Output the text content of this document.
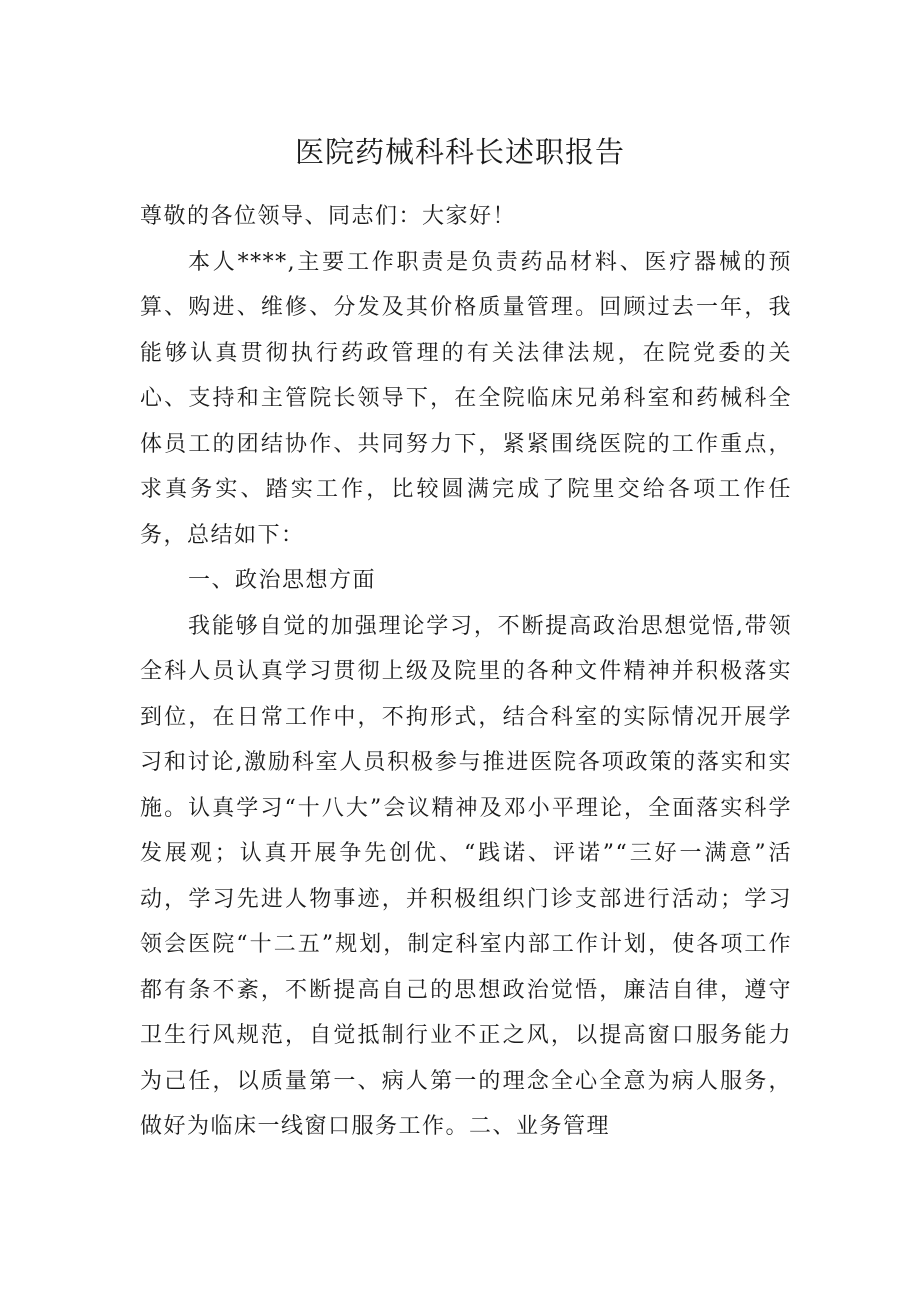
医院药械科科长述职报告

尊敬的各位领导、同志们：大家好！

本人****,主要工作职责是负责药品材料、医疗器械的预算、购进、维修、分发及其价格质量管理。回顾过去一年，我能够认真贯彻执行药政管理的有关法律法规，在院党委的关心、支持和主管院长领导下，在全院临床兄弟科室和药械科全体员工的团结协作、共同努力下，紧紧围绕医院的工作重点，求真务实、踏实工作，比较圆满完成了院里交给各项工作任务，总结如下：

一、政治思想方面

我能够自觉的加强理论学习，不断提高政治思想觉悟,带领全科人员认真学习贯彻上级及院里的各种文件精神并积极落实到位，在日常工作中，不拘形式，结合科室的实际情况开展学习和讨论,激励科室人员积极参与推进医院各项政策的落实和实施。认真学习“十八大”会议精神及邓小平理论，全面落实科学发展观；认真开展争先创优、“践诺、评诺”“三好一满意”活动，学习先进人物事迹，并积极组织门诊支部进行活动；学习领会医院“十二五”规划，制定科室内部工作计划，使各项工作都有条不紊，不断提高自己的思想政治觉悟，廉洁自律，遵守卫生行风规范，自觉抵制行业不正之风，以提高窗口服务能力为己任，以质量第一、病人第一的理念全心全意为病人服务，做好为临床一线窗口服务工作。二、业务管理
